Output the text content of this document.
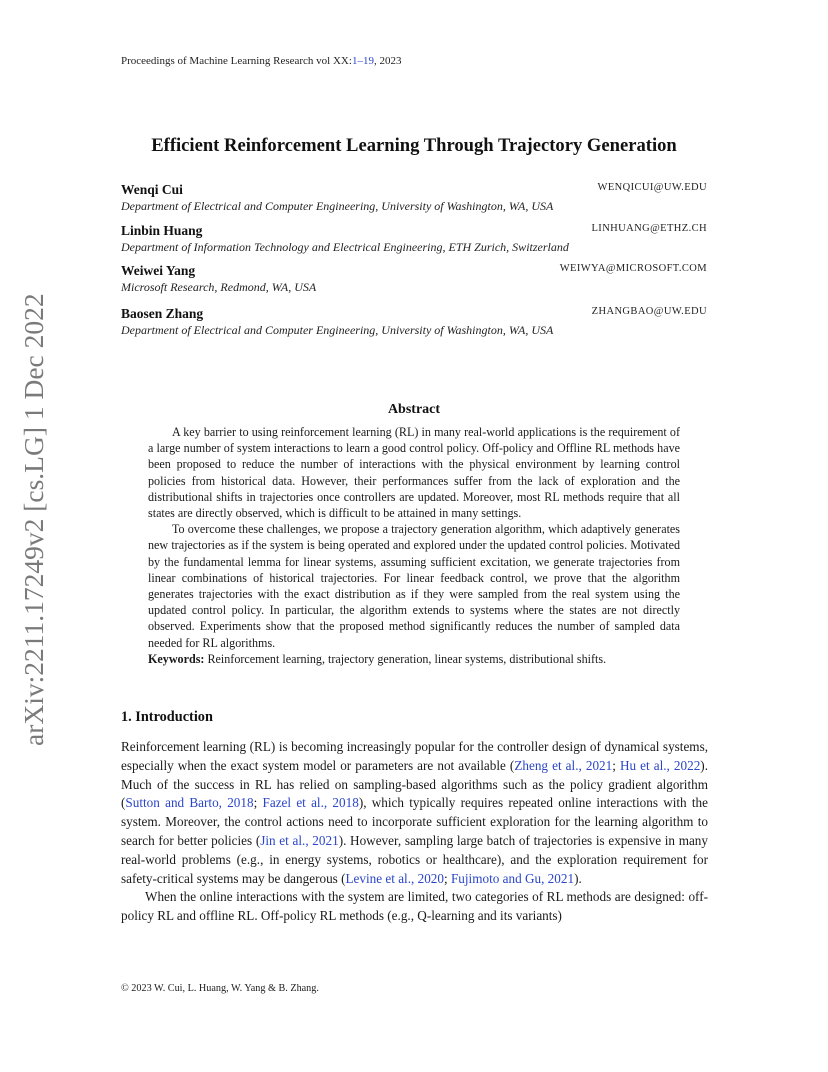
Proceedings of Machine Learning Research vol XX:1–19, 2023
arXiv:2211.17249v2 [cs.LG] 1 Dec 2022
Efficient Reinforcement Learning Through Trajectory Generation
Wenqi Cui	WENQICUI@UW.EDU
Department of Electrical and Computer Engineering, University of Washington, WA, USA
Linbin Huang	LINHUANG@ETHZ.CH
Department of Information Technology and Electrical Engineering, ETH Zurich, Switzerland
Weiwei Yang	WEIWYA@MICROSOFT.COM
Microsoft Research, Redmond, WA, USA
Baosen Zhang	ZHANGBAO@UW.EDU
Department of Electrical and Computer Engineering, University of Washington, WA, USA
Abstract

A key barrier to using reinforcement learning (RL) in many real-world applications is the requirement of a large number of system interactions to learn a good control policy. Off-policy and Offline RL methods have been proposed to reduce the number of interactions with the physical environment by learning control policies from historical data. However, their performances suffer from the lack of exploration and the distributional shifts in trajectories once controllers are updated. Moreover, most RL methods require that all states are directly observed, which is difficult to be attained in many settings.

To overcome these challenges, we propose a trajectory generation algorithm, which adaptively generates new trajectories as if the system is being operated and explored under the updated control policies. Motivated by the fundamental lemma for linear systems, assuming sufficient excitation, we generate trajectories from linear combinations of historical trajectories. For linear feedback control, we prove that the algorithm generates trajectories with the exact distribution as if they were sampled from the real system using the updated control policy. In particular, the algorithm extends to systems where the states are not directly observed. Experiments show that the proposed method significantly reduces the number of sampled data needed for RL algorithms.

Keywords: Reinforcement learning, trajectory generation, linear systems, distributional shifts.

1. Introduction

Reinforcement learning (RL) is becoming increasingly popular for the controller design of dynamical systems, especially when the exact system model or parameters are not available (Zheng et al., 2021; Hu et al., 2022). Much of the success in RL has relied on sampling-based algorithms such as the policy gradient algorithm (Sutton and Barto, 2018; Fazel et al., 2018), which typically requires repeated online interactions with the system. Moreover, the control actions need to incorporate sufficient exploration for the learning algorithm to search for better policies (Jin et al., 2021). However, sampling large batch of trajectories is expensive in many real-world problems (e.g., in energy systems, robotics or healthcare), and the exploration requirement for safety-critical systems may be dangerous (Levine et al., 2020; Fujimoto and Gu, 2021).

When the online interactions with the system are limited, two categories of RL methods are designed: off-policy RL and offline RL. Off-policy RL methods (e.g., Q-learning and its variants)

© 2023 W. Cui, L. Huang, W. Yang & B. Zhang.
